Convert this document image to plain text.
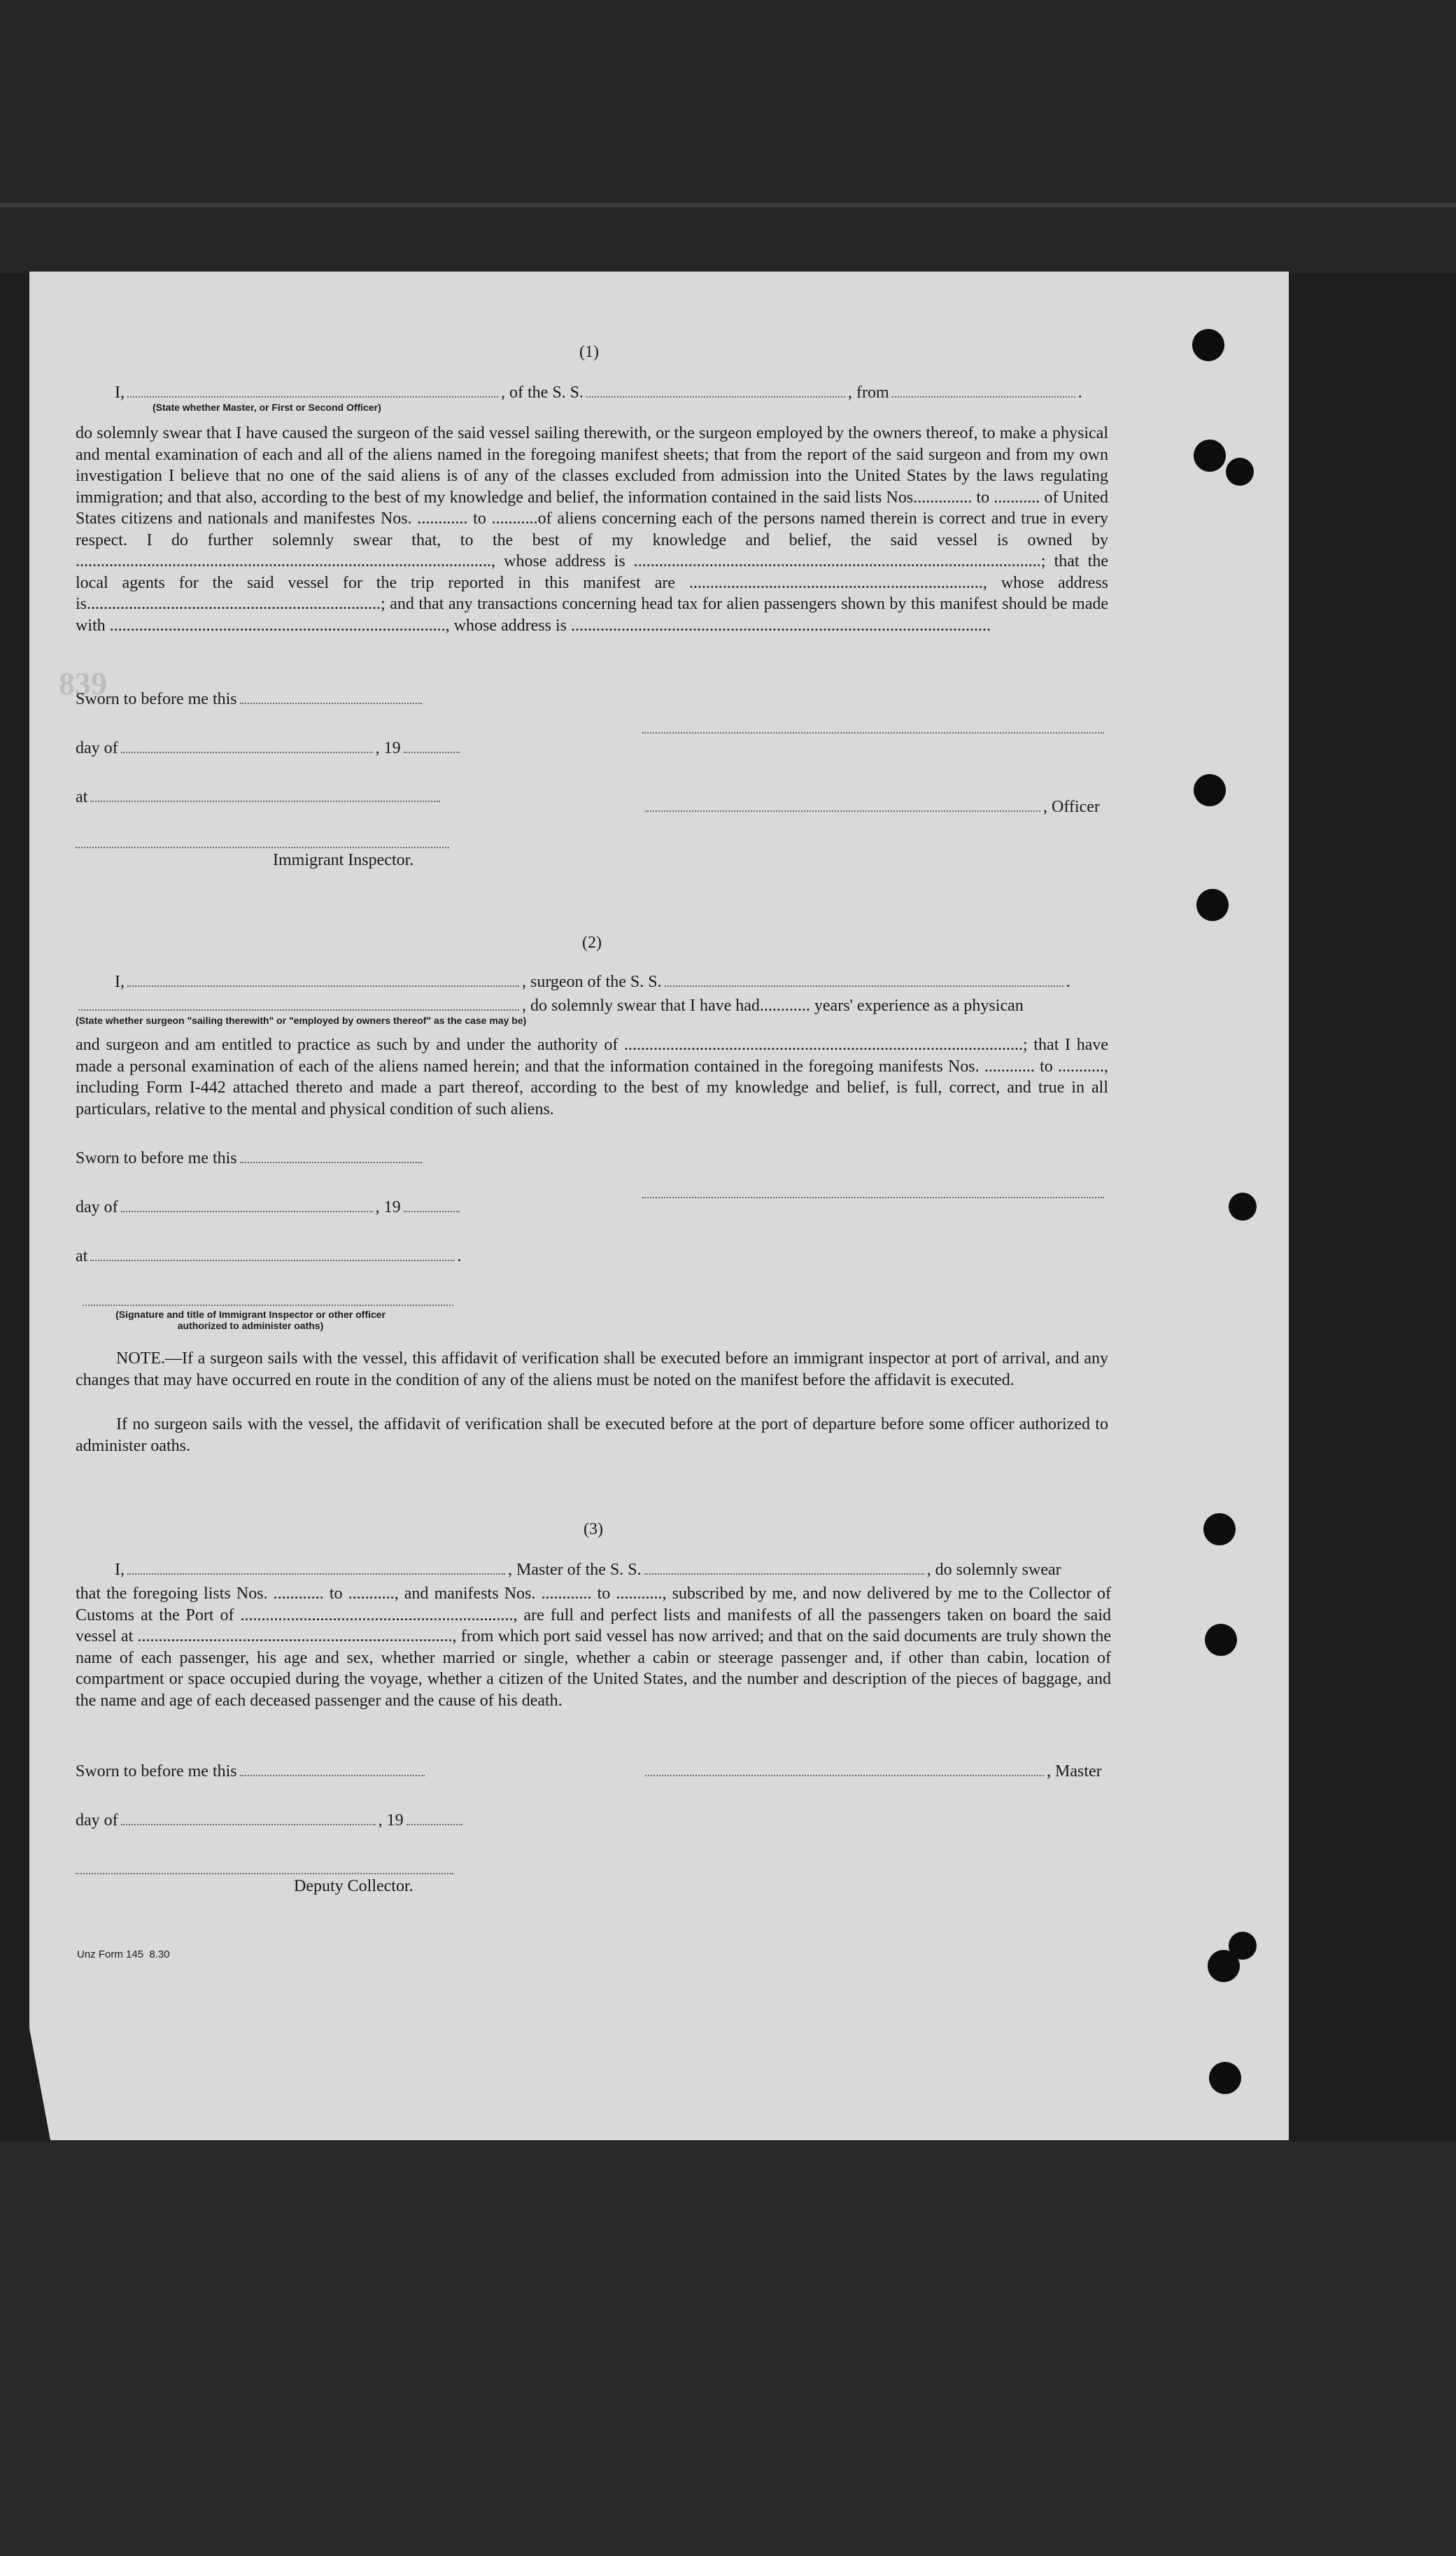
839
(1)
I,	, of the S. S.	, from	.
(State whether Master, or First or Second Officer)
do solemnly swear that I have caused the surgeon of the said vessel sailing therewith, or the surgeon employed by the owners thereof, to make a physical and mental examination of each and all of the aliens named in the foregoing manifest sheets; that from the report of the said surgeon and from my own investigation I believe that no one of the said aliens is of any of the classes excluded from admission into the United States by the laws regulating immigration; and that also, according to the best of my knowledge and belief, the information contained in the said lists Nos.............. to ........... of United States citizens and nationals and manifestes Nos. ............ to ...........of aliens concerning each of the persons named therein is correct and true in every respect. I do further solemnly swear that, to the best of my knowledge and belief, the said vessel is owned by ..................................................................................................., whose address is .................................................................................................; that the local agents for the said vessel for the trip reported in this manifest are ......................................................................, whose address is......................................................................; and that any transactions concerning head tax for alien passengers shown by this manifest should be made with ................................................................................, whose address is ....................................................................................................
Sworn to before me this
day of	, 19
at
, Officer
Immigrant Inspector.
(2)
I,	, surgeon of the S. S.	.
, do solemnly swear that I have had............ years' experience as a physican
(State whether surgeon "sailing therewith" or "employed by owners thereof" as the case may be)
and surgeon and am entitled to practice as such by and under the authority of ...............................................................................................; that I have made a personal examination of each of the aliens named herein; and that the information contained in the foregoing manifests Nos. ............ to ..........., including Form I-442 attached thereto and made a part thereof, according to the best of my knowledge and belief, is full, correct, and true in all particulars, relative to the mental and physical condition of such aliens.
Sworn to before me this
day of	, 19
at	.
(Signature and title of Immigrant Inspector or other officer authorized to administer oaths)
NOTE.—If a surgeon sails with the vessel, this affidavit of verification shall be executed before an immigrant inspector at port of arrival, and any changes that may have occurred en route in the condition of any of the aliens must be noted on the manifest before the affidavit is executed.
If no surgeon sails with the vessel, the affidavit of verification shall be executed before at the port of departure before some officer authorized to administer oaths.
(3)
I,	, Master of the S. S.	, do solemnly swear
that the foregoing lists Nos. ............ to ..........., and manifests Nos. ............ to ..........., subscribed by me, and now delivered by me to the Collector of Customs at the Port of ................................................................., are full and perfect lists and manifests of all the passengers taken on board the said vessel at ..........................................................................., from which port said vessel has now arrived; and that on the said documents are truly shown the name of each passenger, his age and sex, whether married or single, whether a cabin or steerage passenger and, if other than cabin, location of compartment or space occupied during the voyage, whether a citizen of the United States, and the number and description of the pieces of baggage, and the name and age of each deceased passenger and the cause of his death.
Sworn to before me this	, Master
day of	, 19
Deputy Collector.
Unz Form 145 8.30
